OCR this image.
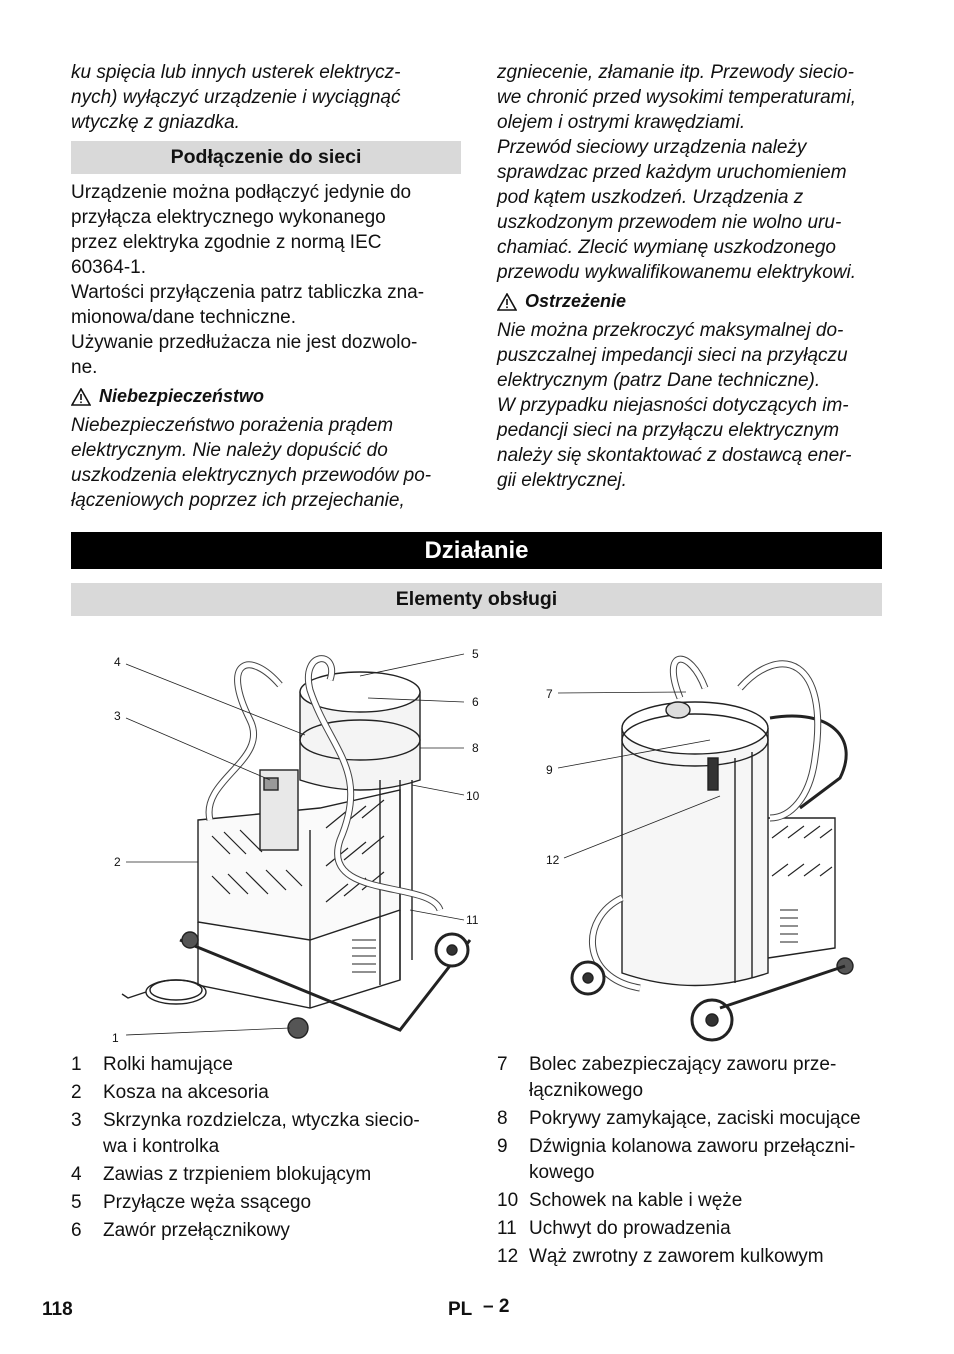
ku spięcia lub innych usterek elektrycz-

nych) wyłączyć urządzenie i wyciągnąć

wtyczkę z gniazdka.

Podłączenie do sieci

Urządzenie można podłączyć jedynie do

przyłącza elektrycznego wykonanego

przez elektryka zgodnie z normą IEC

60364-1.

Wartości przyłączenia patrz tabliczka zna-

mionowa/dane techniczne.

Używanie przedłużacza nie jest dozwolo-

ne.

Niebezpieczeństwo

Niebezpieczeństwo porażenia prądem

elektrycznym. Nie należy dopuścić do

uszkodzenia elektrycznych przewodów po-

łączeniowych poprzez ich przejechanie,

zgniecenie, złamanie itp. Przewody siecio-

we chronić przed wysokimi temperaturami,

olejem i ostrymi krawędziami.

Przewód sieciowy urządzenia należy

sprawdzac przed każdym uruchomieniem

pod kątem uszkodzeń. Urządzenia z

uszkodzonym przewodem nie wolno uru-

chamiać. Zlecić wymianę uszkodzonego

przewodu wykwalifikowanemu elektrykowi.

Ostrzeżenie

Nie można przekroczyć maksymalnej do-

puszczalnej impedancji sieci na przyłączu

elektrycznym (patrz Dane techniczne).

W przypadku niejasności dotyczących im-

pedancji sieci na przyłączu elektrycznym

należy się skontaktować z dostawcą ener-

gii elektrycznej.

Działanie
Elementy obsługi
4
3
2
1
5
6
8
10
11
7
9
12
1	Rolki hamujące
2	Kosza na akcesoria
3	Skrzynka rozdzielcza, wtyczka siecio-
wa i kontrolka
4	Zawias z trzpieniem blokującym
5	Przyłącze węża ssącego
6	Zawór przełącznikowy
7	Bolec zabezpieczający zaworu prze-
łącznikowego
8	Pokrywy zamykające, zaciski mocujące
9	Dźwignia kolanowa zaworu przełączni-
kowego
10 Schowek na kable i węże
11 Uchwyt do prowadzenia
12 Wąż zwrotny z zaworem kulkowym
118	PL – 2
